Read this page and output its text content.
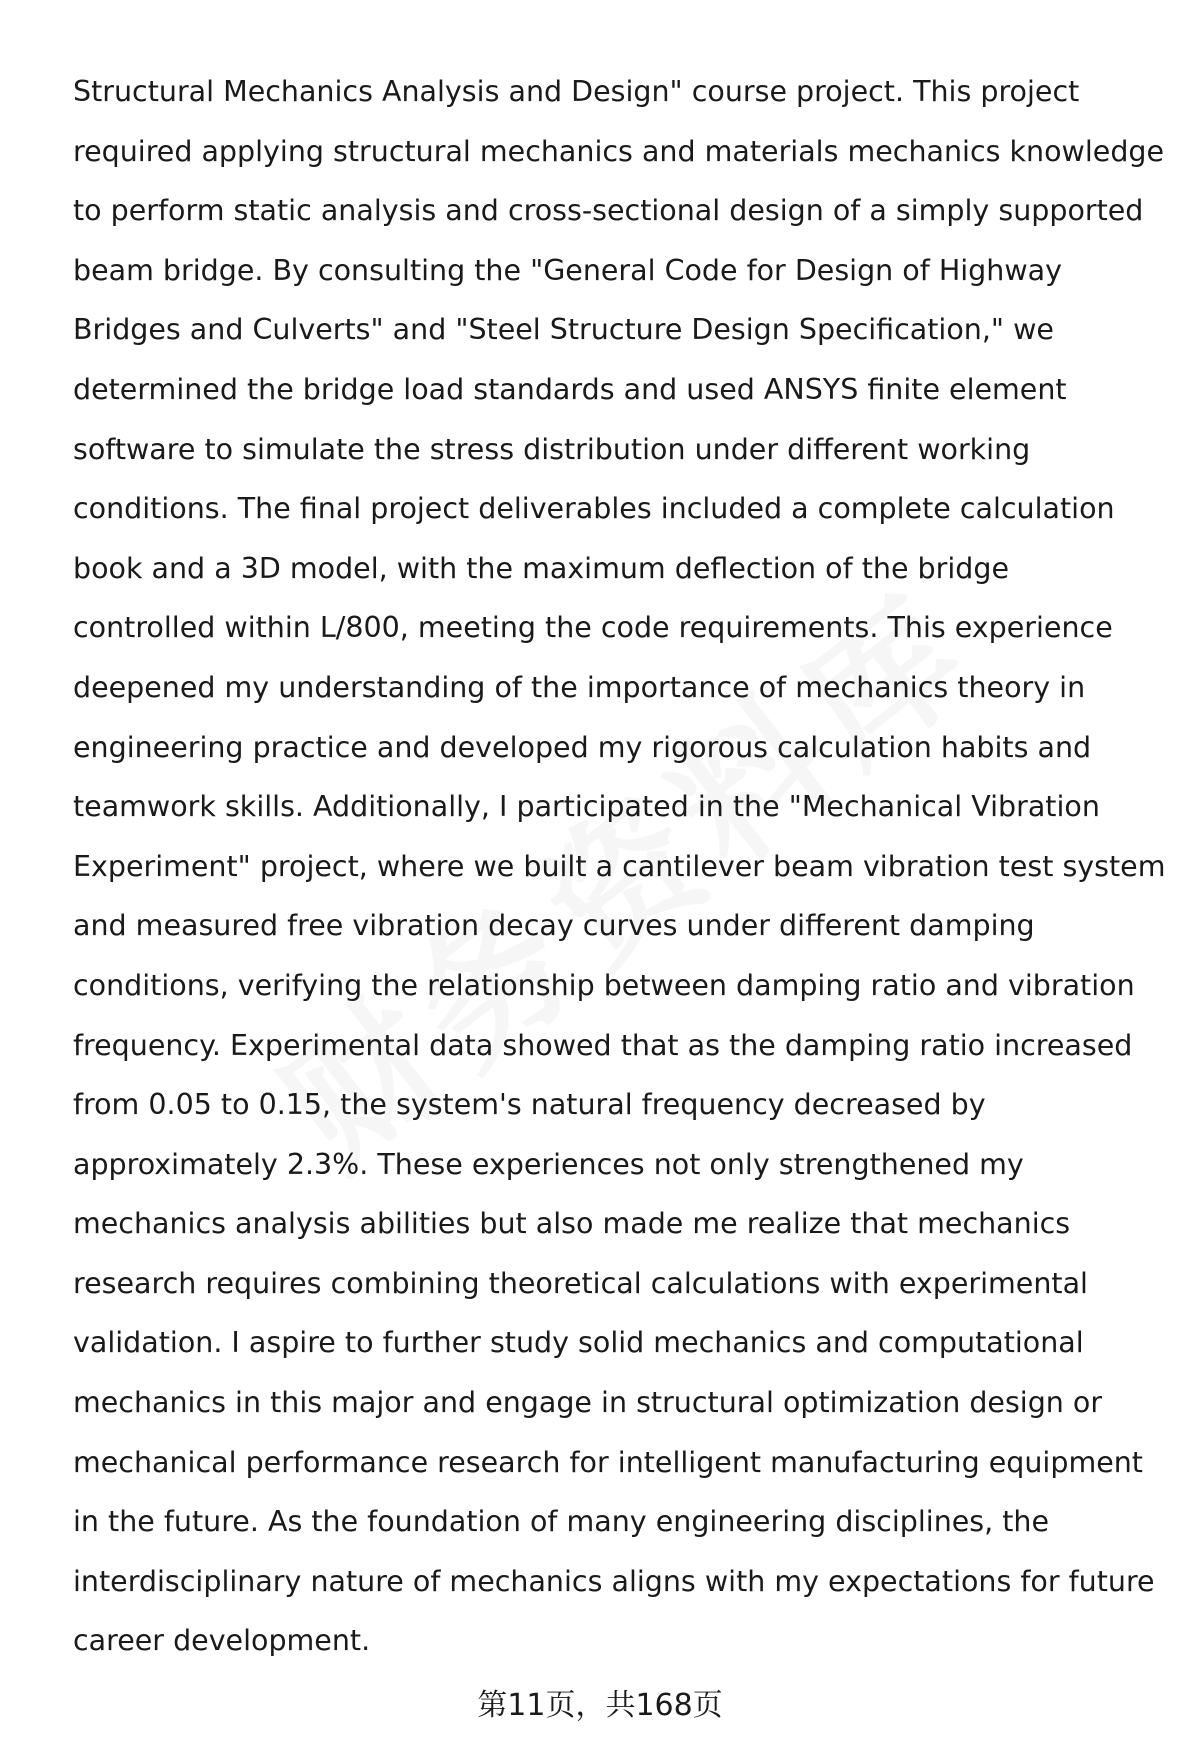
Structural Mechanics Analysis and Design" course project. This project
required applying structural mechanics and materials mechanics knowledge
to perform static analysis and cross-sectional design of a simply supported
beam bridge. By consulting the "General Code for Design of Highway
Bridges and Culverts" and "Steel Structure Design Specification," we
determined the bridge load standards and used ANSYS finite element
software to simulate the stress distribution under different working
conditions. The final project deliverables included a complete calculation
book and a 3D model, with the maximum deflection of the bridge
controlled within L/800, meeting the code requirements. This experience
deepened my understanding of the importance of mechanics theory in
engineering practice and developed my rigorous calculation habits and
teamwork skills. Additionally, I participated in the "Mechanical Vibration
Experiment" project, where we built a cantilever beam vibration test system
and measured free vibration decay curves under different damping
conditions, verifying the relationship between damping ratio and vibration
frequency. Experimental data showed that as the damping ratio increased
from 0.05 to 0.15, the system's natural frequency decreased by
approximately 2.3%. These experiences not only strengthened my
mechanics analysis abilities but also made me realize that mechanics
research requires combining theoretical calculations with experimental
validation. I aspire to further study solid mechanics and computational
mechanics in this major and engage in structural optimization design or
mechanical performance research for intelligent manufacturing equipment
in the future. As the foundation of many engineering disciplines, the
interdisciplinary nature of mechanics aligns with my expectations for future
career development.
第11页，共168页
